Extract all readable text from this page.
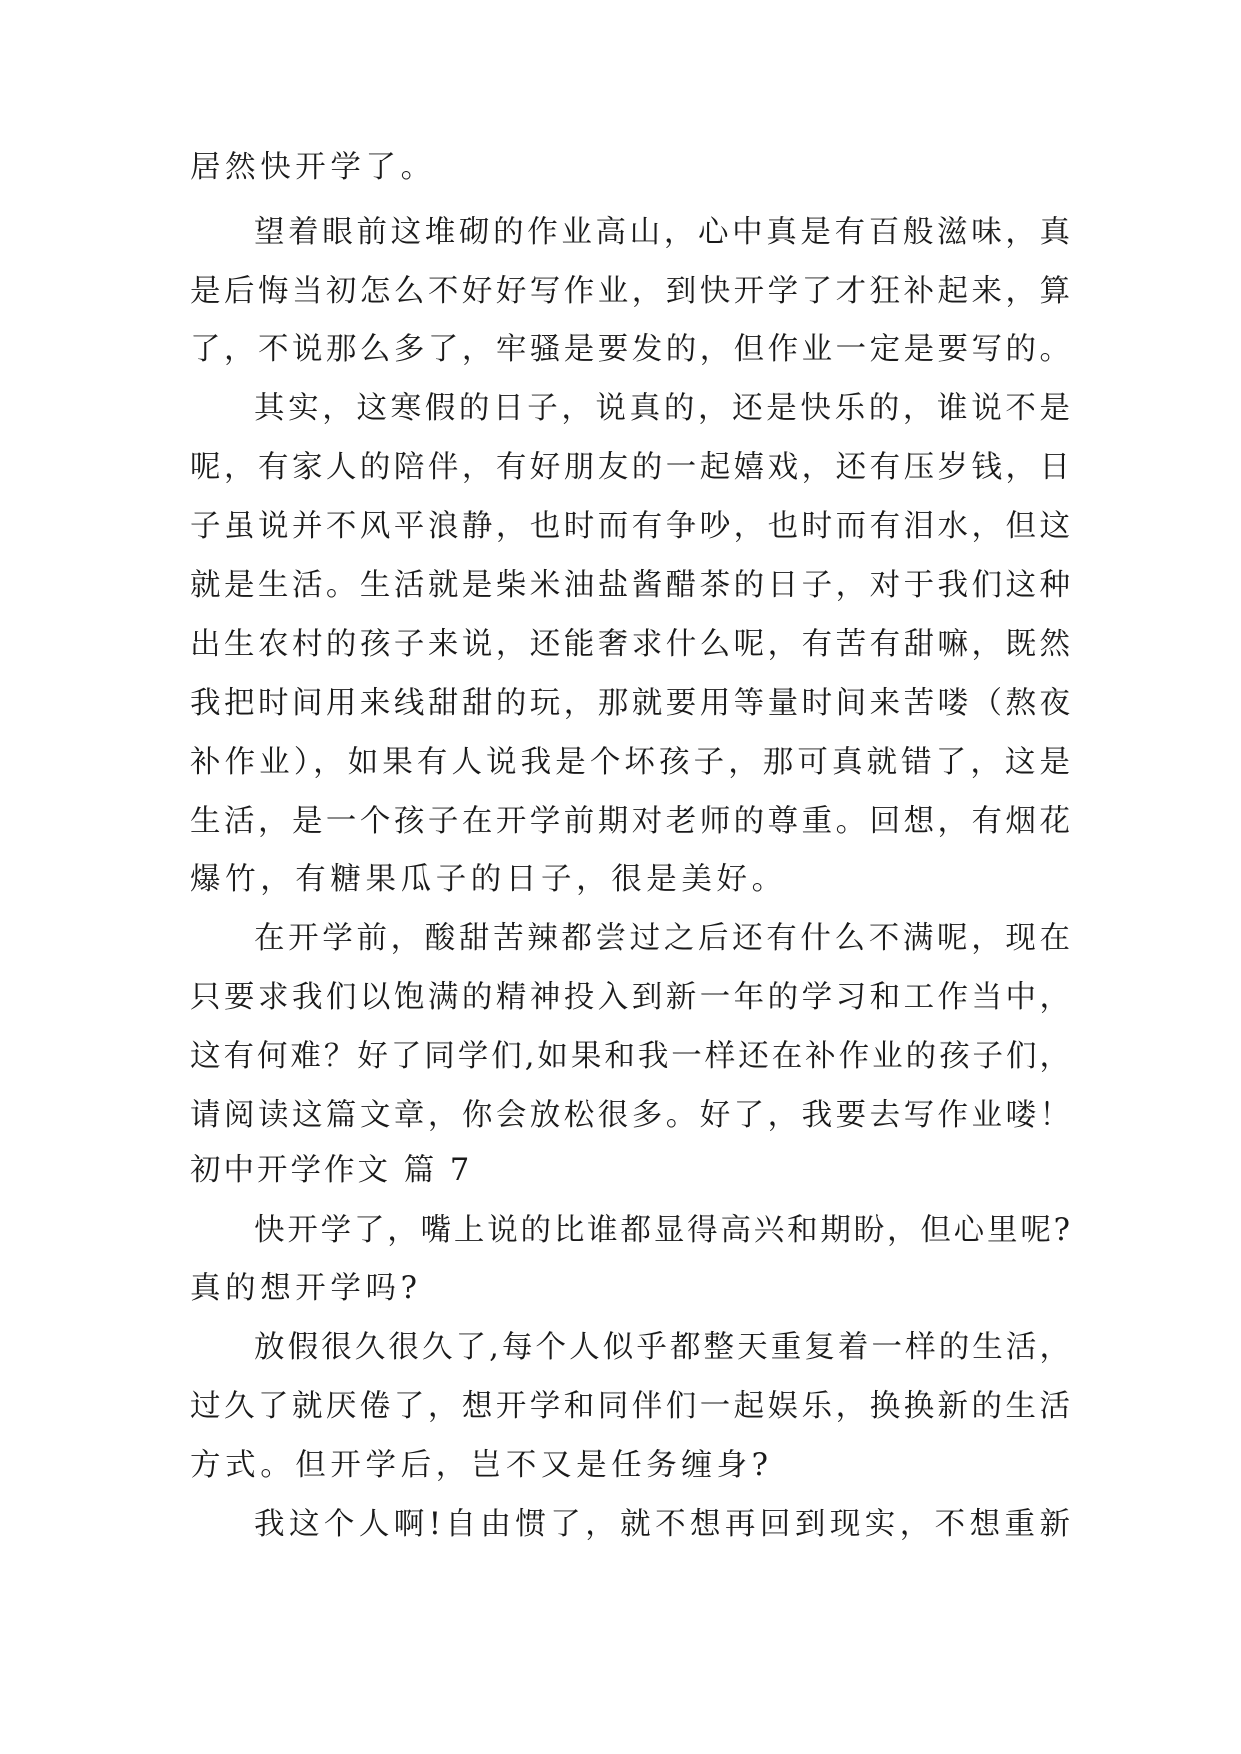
居然快开学了。
望着眼前这堆砌的作业高山，心中真是有百般滋味，真
是后悔当初怎么不好好写作业，到快开学了才狂补起来，算
了，不说那么多了，牢骚是要发的，但作业一定是要写的。
其实，这寒假的日子，说真的，还是快乐的，谁说不是
呢，有家人的陪伴，有好朋友的一起嬉戏，还有压岁钱，日
子虽说并不风平浪静，也时而有争吵，也时而有泪水，但这
就是生活。生活就是柴米油盐酱醋茶的日子，对于我们这种
出生农村的孩子来说，还能奢求什么呢，有苦有甜嘛，既然
我把时间用来线甜甜的玩，那就要用等量时间来苦喽（熬夜
补作业），如果有人说我是个坏孩子，那可真就错了，这是
生活，是一个孩子在开学前期对老师的尊重。回想，有烟花
爆竹，有糖果瓜子的日子，很是美好。
在开学前，酸甜苦辣都尝过之后还有什么不满呢，现在
只要求我们以饱满的精神投入到新一年的学习和工作当中，
这有何难？好了同学们,如果和我一样还在补作业的孩子们，
请阅读这篇文章，你会放松很多。好了，我要去写作业喽！
初中开学作文 篇 7
快开学了，嘴上说的比谁都显得高兴和期盼，但心里呢?
真的想开学吗?
放假很久很久了,每个人似乎都整天重复着一样的生活，
过久了就厌倦了，想开学和同伴们一起娱乐，换换新的生活
方式。但开学后，岂不又是任务缠身?
我这个人啊!自由惯了，就不想再回到现实，不想重新
